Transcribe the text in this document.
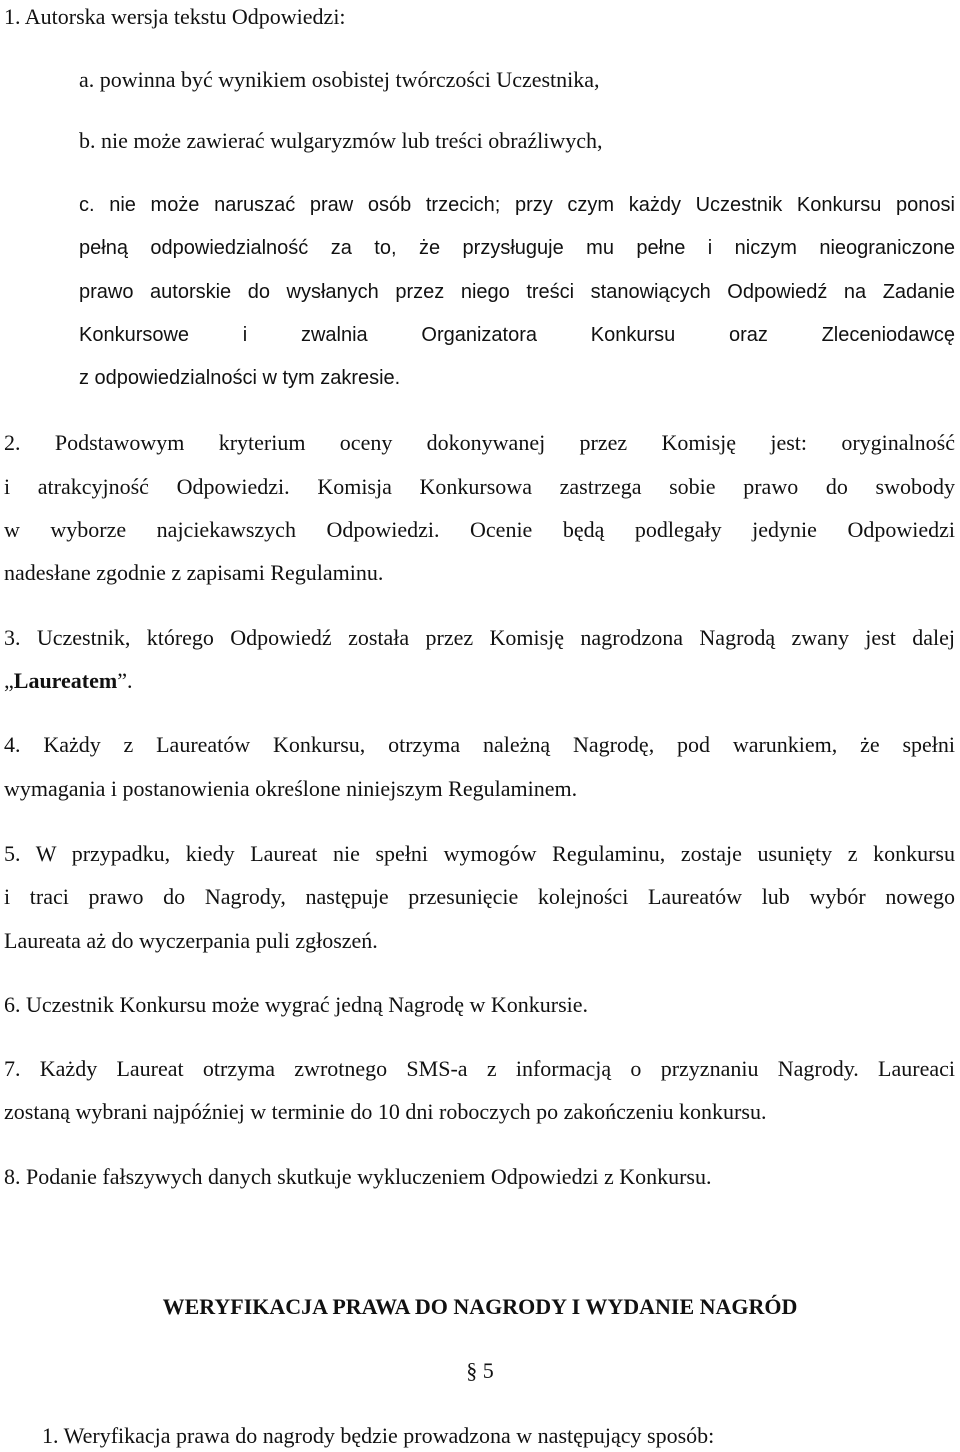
1. Autorska wersja tekstu Odpowiedzi:
a. powinna być wynikiem osobistej twórczości Uczestnika,
b. nie może zawierać wulgaryzmów lub treści obraźliwych,
c. nie może naruszać praw osób trzecich; przy czym każdy Uczestnik Konkursu ponosi
pełną odpowiedzialność za to, że przysługuje mu pełne i niczym nieograniczone
prawo autorskie do wysłanych przez niego treści stanowiących Odpowiedź na Zadanie
Konkursowe i zwalnia Organizatora Konkursu oraz Zleceniodawcę
z odpowiedzialności w tym zakresie.
2. Podstawowym kryterium oceny dokonywanej przez Komisję jest: oryginalność
i atrakcyjność Odpowiedzi. Komisja Konkursowa zastrzega sobie prawo do swobody
w wyborze najciekawszych Odpowiedzi. Ocenie będą podlegały jedynie Odpowiedzi
nadesłane zgodnie z zapisami Regulaminu.
3. Uczestnik, którego Odpowiedź została przez Komisję nagrodzona Nagrodą zwany jest dalej
„Laureatem”.
4. Każdy z Laureatów Konkursu, otrzyma należną Nagrodę, pod warunkiem, że spełni
wymagania i postanowienia określone niniejszym Regulaminem.
5. W przypadku, kiedy Laureat nie spełni wymogów Regulaminu, zostaje usunięty z konkursu
i traci prawo do Nagrody, następuje przesunięcie kolejności Laureatów lub wybór nowego
Laureata aż do wyczerpania puli zgłoszeń.
6. Uczestnik Konkursu może wygrać jedną Nagrodę w Konkursie.
7. Każdy Laureat otrzyma zwrotnego SMS-a z informacją o przyznaniu Nagrody. Laureaci
zostaną wybrani najpóźniej w terminie do 10 dni roboczych po zakończeniu konkursu.
8. Podanie fałszywych danych skutkuje wykluczeniem Odpowiedzi z Konkursu.
WERYFIKACJA PRAWA DO NAGRODY I WYDANIE NAGRÓD
§ 5
1. Weryfikacja prawa do nagrody będzie prowadzona w następujący sposób:
